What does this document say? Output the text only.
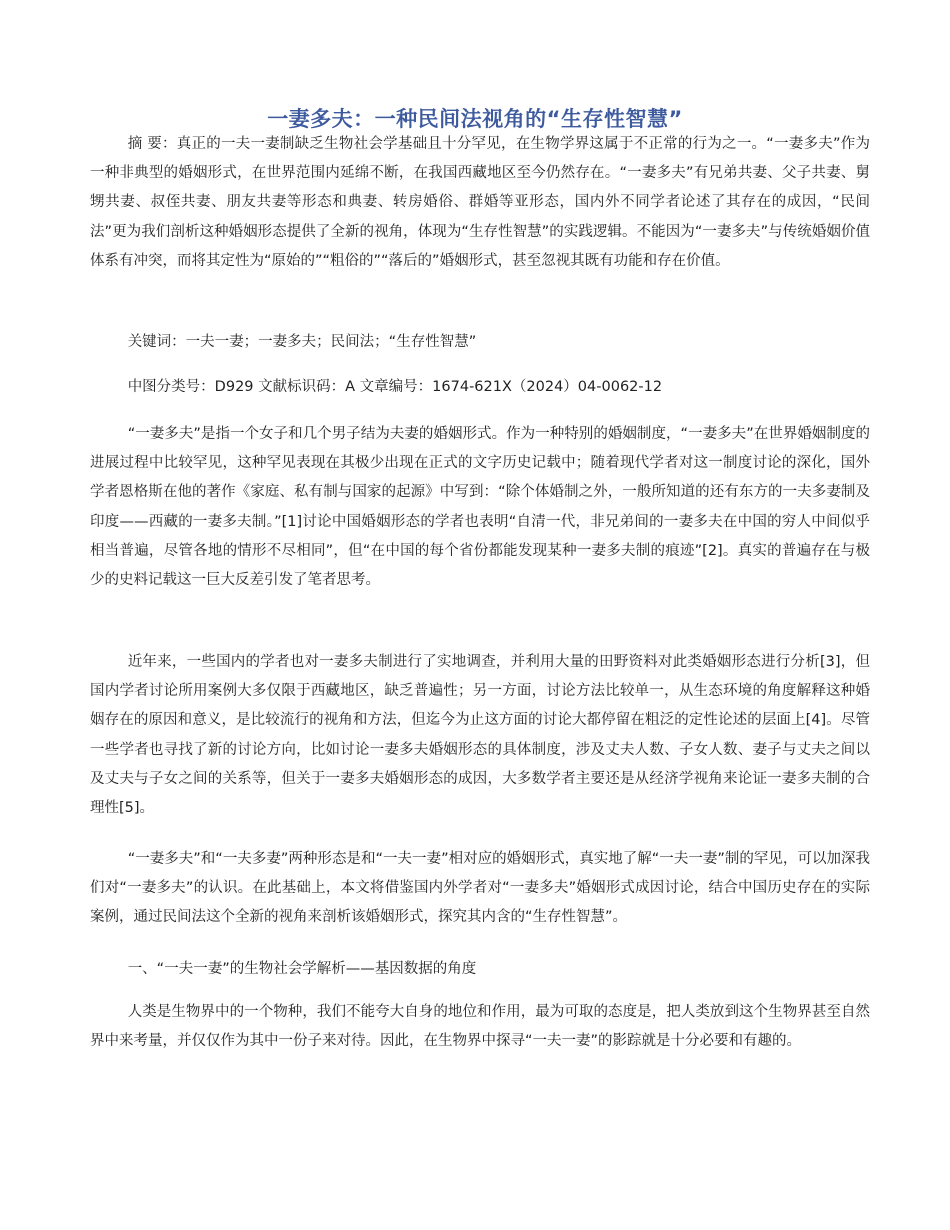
一妻多夫：一种民间法视角的“生存性智慧”

摘 要：真正的一夫一妻制缺乏生物社会学基础且十分罕见，在生物学界这属于不正常的行为之一。“一妻多夫”作为一种非典型的婚姻形式，在世界范围内延绵不断，在我国西藏地区至今仍然存在。“一妻多夫”有兄弟共妻、父子共妻、舅甥共妻、叔侄共妻、朋友共妻等形态和典妻、转房婚俗、群婚等亚形态，国内外不同学者论述了其存在的成因，“民间法”更为我们剖析这种婚姻形态提供了全新的视角，体现为“生存性智慧”的实践逻辑。不能因为“一妻多夫”与传统婚姻价值体系有冲突，而将其定性为“原始的”“粗俗的”“落后的”婚姻形式，甚至忽视其既有功能和存在价值。

关键词：一夫一妻；一妻多夫；民间法；“生存性智慧”

中图分类号：D929 文献标识码：A 文章编号：1674-621X（2024）04-0062-12

“一妻多夫”是指一个女子和几个男子结为夫妻的婚姻形式。作为一种特别的婚姻制度，“一妻多夫”在世界婚姻制度的进展过程中比较罕见，这种罕见表现在其极少出现在正式的文字历史记载中；随着现代学者对这一制度讨论的深化，国外学者恩格斯在他的著作《家庭、私有制与国家的起源》中写到：“除个体婚制之外，一般所知道的还有东方的一夫多妻制及印度——西藏的一妻多夫制。”[1]讨论中国婚姻形态的学者也表明“自清一代，非兄弟间的一妻多夫在中国的穷人中间似乎相当普遍，尽管各地的情形不尽相同”，但“在中国的每个省份都能发现某种一妻多夫制的痕迹”[2]。真实的普遍存在与极少的史料记载这一巨大反差引发了笔者思考。

近年来，一些国内的学者也对一妻多夫制进行了实地调查，并利用大量的田野资料对此类婚姻形态进行分析[3]，但国内学者讨论所用案例大多仅限于西藏地区，缺乏普遍性；另一方面，讨论方法比较单一，从生态环境的角度解释这种婚姻存在的原因和意义，是比较流行的视角和方法，但迄今为止这方面的讨论大都停留在粗泛的定性论述的层面上[4]。尽管一些学者也寻找了新的讨论方向，比如讨论一妻多夫婚姻形态的具体制度，涉及丈夫人数、子女人数、妻子与丈夫之间以及丈夫与子女之间的关系等，但关于一妻多夫婚姻形态的成因，大多数学者主要还是从经济学视角来论证一妻多夫制的合理性[5]。

“一妻多夫”和“一夫多妻”两种形态是和“一夫一妻”相对应的婚姻形式，真实地了解“一夫一妻”制的罕见，可以加深我们对“一妻多夫”的认识。在此基础上，本文将借鉴国内外学者对“一妻多夫”婚姻形式成因讨论，结合中国历史存在的实际案例，通过民间法这个全新的视角来剖析该婚姻形式，探究其内含的“生存性智慧”。

一、“一夫一妻”的生物社会学解析——基因数据的角度

人类是生物界中的一个物种，我们不能夸大自身的地位和作用，最为可取的态度是，把人类放到这个生物界甚至自然界中来考量，并仅仅作为其中一份子来对待。因此，在生物界中探寻“一夫一妻”的影踪就是十分必要和有趣的。
